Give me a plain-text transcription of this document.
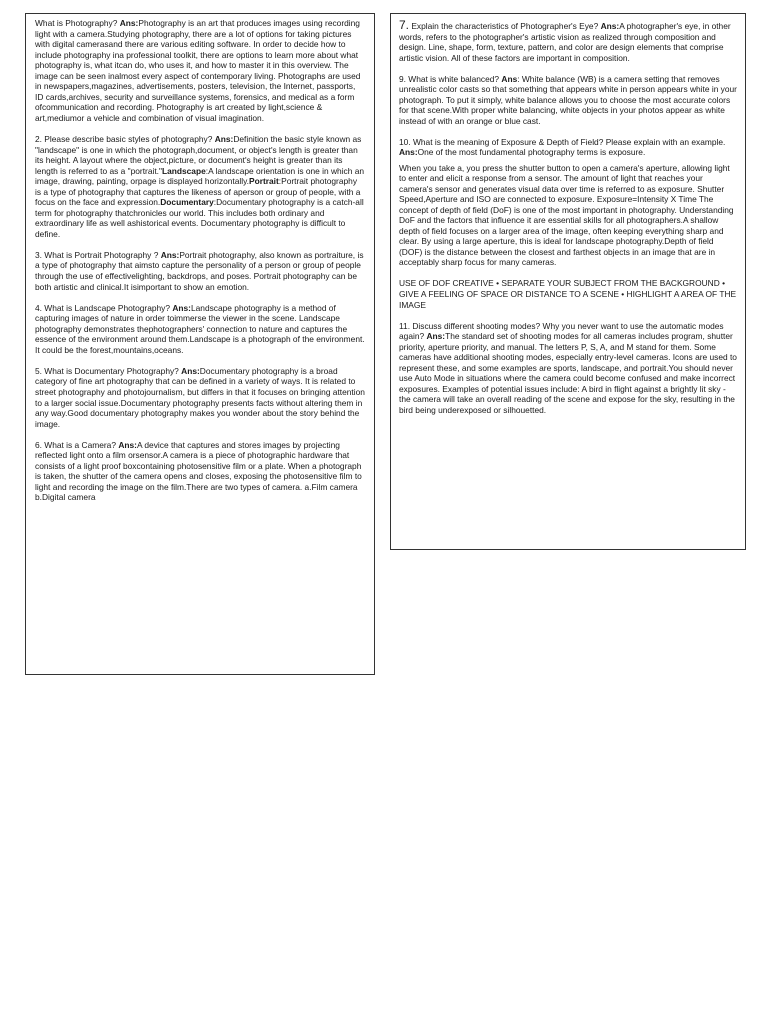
What is Photography? Ans:Photography is an art that produces images using recording light with a camera.Studying photography, there are a lot of options for taking pictures with digital camerasand there are various editing software. In order to decide how to include photography ina professional toolkit, there are options to learn more about what photography is, what itcan do, who uses it, and how to master it in this overview. The image can be seen inalmost every aspect of contemporary living. Photographs are used in newspapers,magazines, advertisements, posters, television, the Internet, passports, ID cards,archives, security and surveillance systems, forensics, and medical as a form ofcommunication and recording. Photography is art created by light,science & art,mediumor a vehicle and combination of visual imagination.

2. Please describe basic styles of photography? Ans:Definition the basic style known as "landscape" is one in which the photograph,document, or object's length is greater than its height. A layout where the object,picture, or document's height is greater than its length is referred to as a "portrait."Landscape:A landscape orientation is one in which an image, drawing, painting, orpage is displayed horizontally.Portrait:Portrait photography is a type of photography that captures the likeness of aperson or group of people, with a focus on the face and expression.Documentary:Documentary photography is a catch-all term for photography thatchronicles our world. This includes both ordinary and extraordinary life as well ashistorical events. Documentary photography is difficult to define.

3. What is Portrait Photography ? Ans:Portrait photography, also known as portraiture, is a type of photography that aimsto capture the personality of a person or group of people through the use of effectivelighting, backdrops, and poses. Portrait photography can be both artistic and clinical.It isimportant to show an emotion.

4. What is Landscape Photography? Ans:Landscape photography is a method of capturing images of nature in order toimmerse the viewer in the scene. Landscape photography demonstrates thephotographers' connection to nature and captures the essence of the environment around them.Landscape is a photograph of the environment. It could be the forest,mountains,oceans.

5. What is Documentary Photography? Ans:Documentary photography is a broad category of fine art photography that can be defined in a variety of ways. It is related to street photography and photojournalism, but differs in that it focuses on bringing attention to a larger social issue.Documentary photography presents facts without altering them in any way.Good documentary photography makes you wonder about the story behind the image.

6. What is a Camera? Ans:A device that captures and stores images by projecting reflected light onto a film orsensor.A camera is a piece of photographic hardware that consists of a light proof boxcontaining photosensitive film or a plate. When a photograph is taken, the shutter of the camera opens and closes, exposing the photosensitive film to light and recording the image on the film.There are two types of camera. a.Film camera b.Digital camera

7. Explain the characteristics of Photographer's Eye? Ans:A photographer's eye, in other words, refers to the photographer's artistic vision as realized through composition and design. Line, shape, form, texture, pattern, and color are design elements that comprise artistic vision. All of these factors are important in composition.

9. What is white balanced? Ans: White balance (WB) is a camera setting that removes unrealistic color casts so that something that appears white in person appears white in your photograph. To put it simply, white balance allows you to choose the most accurate colors for that scene.With proper white balancing, white objects in your photos appear as white instead of with an orange or blue cast.

10. What is the meaning of Exposure & Depth of Field? Please explain with an example. Ans:One of the most fundamental photography terms is exposure.

When you take a, you press the shutter button to open a camera's aperture, allowing light to enter and elicit a response from a sensor. The amount of light that reaches your camera's sensor and generates visual data over time is referred to as exposure. Shutter Speed,Aperture and ISO are connected to exposure. Exposure=Intensity X Time The concept of depth of field (DoF) is one of the most important in photography. Understanding DoF and the factors that influence it are essential skills for all photographers.A shallow depth of field focuses on a larger area of the image, often keeping everything sharp and clear. By using a large aperture, this is ideal for landscape photography.Depth of field (DOF) is the distance between the closest and farthest objects in an image that are in acceptably sharp focus for many cameras.

USE OF DOF CREATIVE • SEPARATE YOUR SUBJECT FROM THE BACKGROUND • GIVE A FEELING OF SPACE OR DISTANCE TO A SCENE • HIGHLIGHT A AREA OF THE IMAGE

11. Discuss different shooting modes? Why you never want to use the automatic modes again? Ans:The standard set of shooting modes for all cameras includes program, shutter priority, aperture priority, and manual. The letters P, S, A, and M stand for them. Some cameras have additional shooting modes, especially entry-level cameras. Icons are used to represent these, and some examples are sports, landscape, and portrait.You should never use Auto Mode in situations where the camera could become confused and make incorrect exposures. Examples of potential issues include: A bird in flight against a brightly lit sky - the camera will take an overall reading of the scene and expose for the sky, resulting in the bird being underexposed or silhouetted.
